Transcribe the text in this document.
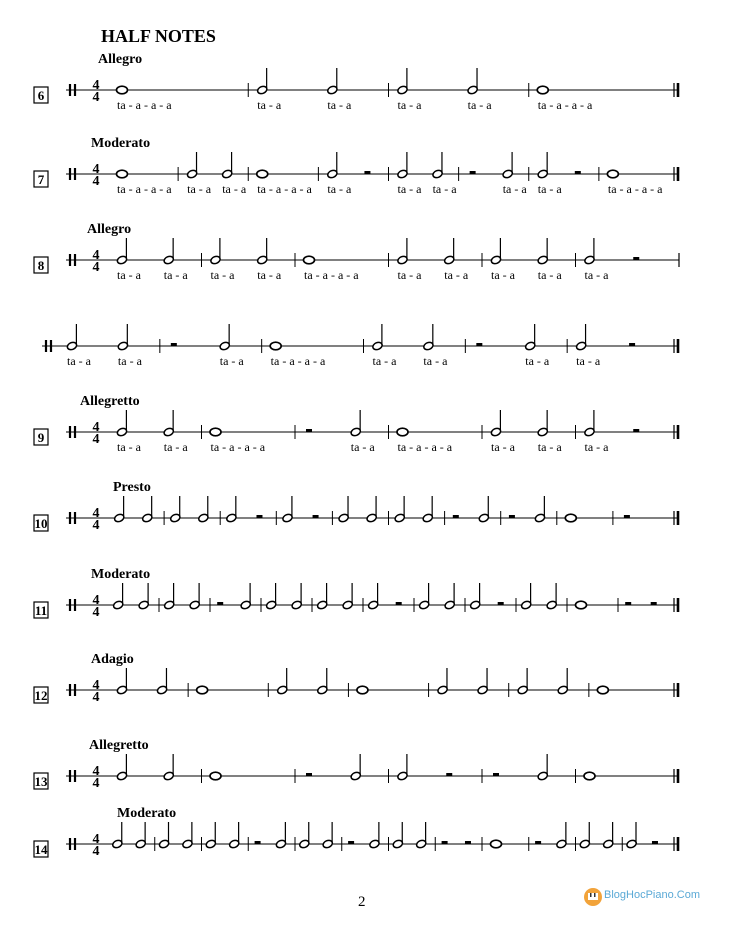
HALF NOTES
6
Allegro
4
4 ta - a - a - a	ta - a	ta - a	ta - a	ta - a	ta - a - a - a
7
Moderato
4
4 ta - a - a - a ta - a ta - a ta - a - a - a ta - a	ta - a ta - a	ta - a ta - a	ta - a - a - a
8
Allegro
4
4 ta - a ta - a ta - a ta - a ta - a - a - a	ta - a ta - a ta - a ta - a ta - a
ta - a ta - a	ta - a ta - a - a - a	ta - a ta - a	ta - a ta - a
9
Allegretto
4
4 ta - a ta - a ta - a - a - a	ta - a ta - a - a - a	ta - a ta - a ta - a
10
Presto
4
4
11
Moderato
4
4
12
Adagio
4
4
13
Allegretto
4
4
14
Moderato
4
4
2	BlogHocPiano.Com
